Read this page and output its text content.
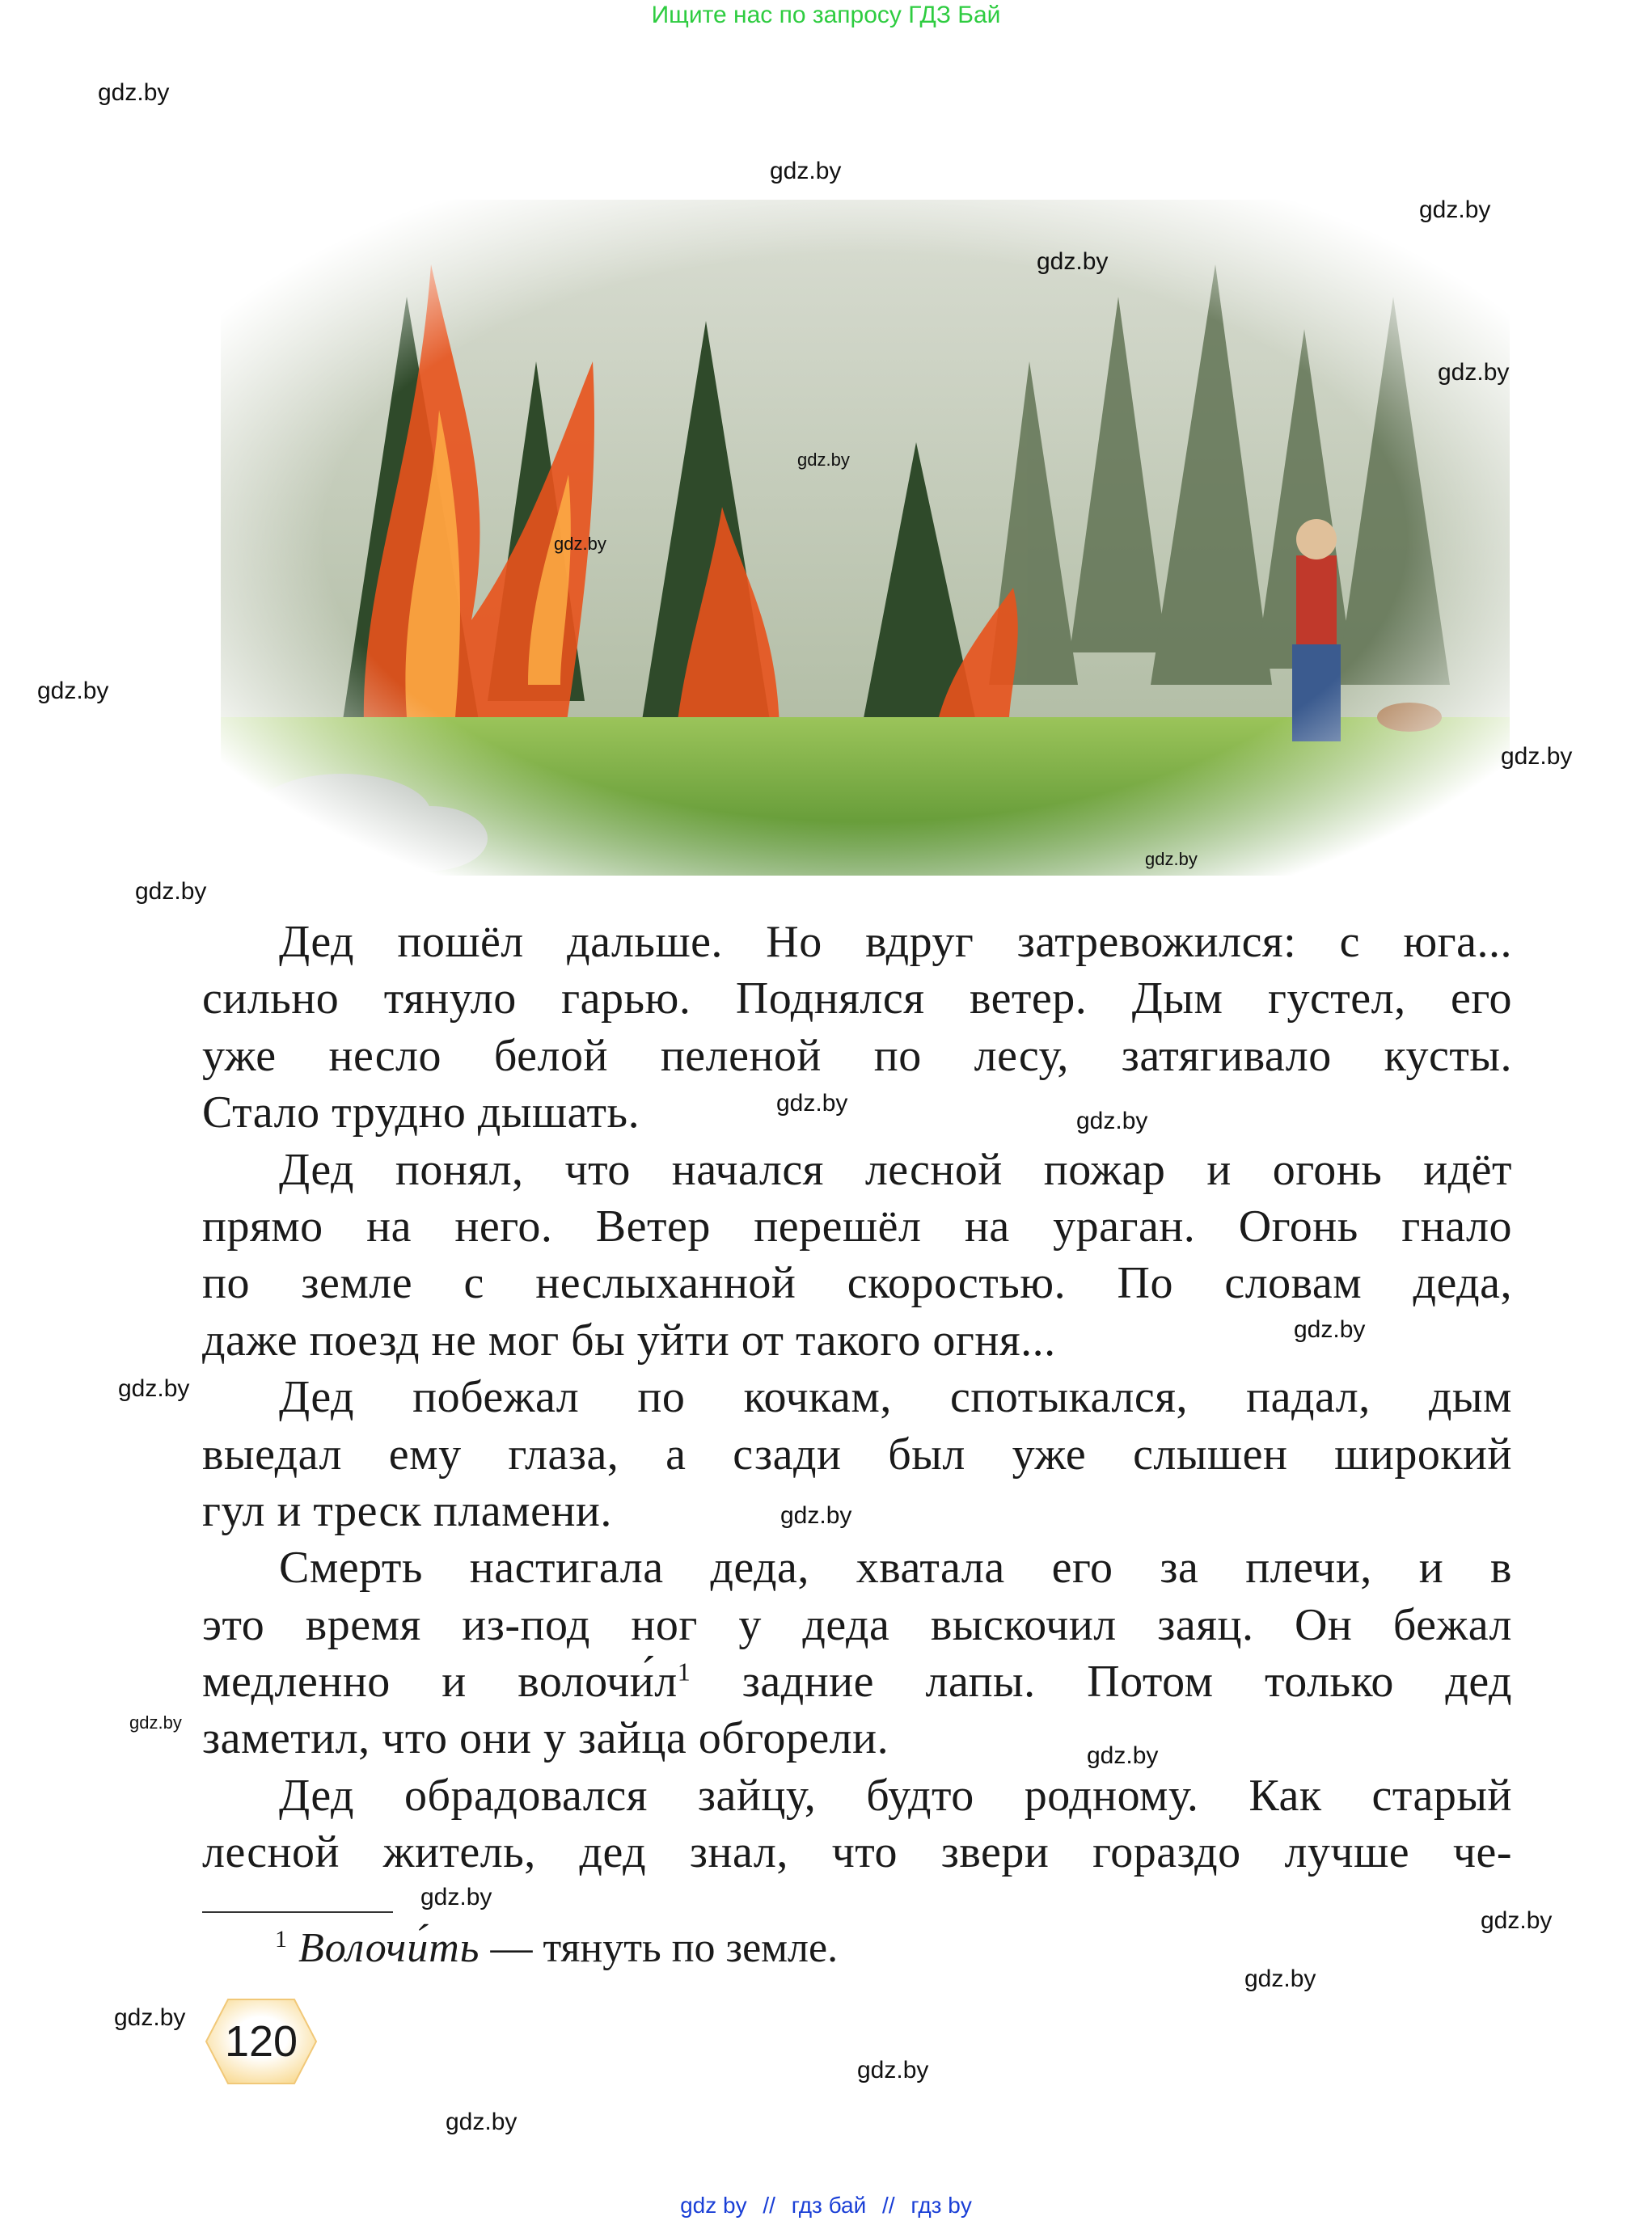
Ищите нас по запросу ГДЗ Бай
Дед пошёл дальше. Но вдруг затревожился: с юга...
сильно тянуло гарью. Поднялся ветер. Дым густел, его
уже несло белой пеленой по лесу, затягивало кусты.
Стало трудно дышать.
Дед понял, что начался лесной пожар и огонь идёт
прямо на него. Ветер перешёл на ураган. Огонь гнало
по земле с неслыханной скоростью. По словам деда,
даже поезд не мог бы уйти от такого огня...
Дед побежал по кочкам, спотыкался, падал, дым
выедал ему глаза, а сзади был уже слышен широкий
гул и треск пламени.
Смерть настигала деда, хватала его за плечи, и в
это время из-под ног у деда выскочил заяц. Он бежал
медленно и $волочи́л^1$ задние лапы. Потом только дед
заметил, что они у зайца обгорели.
Дед обрадовался зайцу, будто родному. Как старый
лесной житель, дед знал, что звери гораздо лучше че-
$^1$ Волочи́ть — тянуть по земле.
120
gdz.by
gdz.by
gdz.by
gdz.by
gdz.by
gdz.by
gdz.by
gdz.by
gdz.by
gdz.by
gdz.by
gdz.by
gdz.by
gdz.by
gdz.by
gdz.by
gdz.by
gdz.by
gdz.by
gdz.by
gdz.by
gdz.by
gdz.by
gdz.by
gdz by // гдз бай // гдз by
